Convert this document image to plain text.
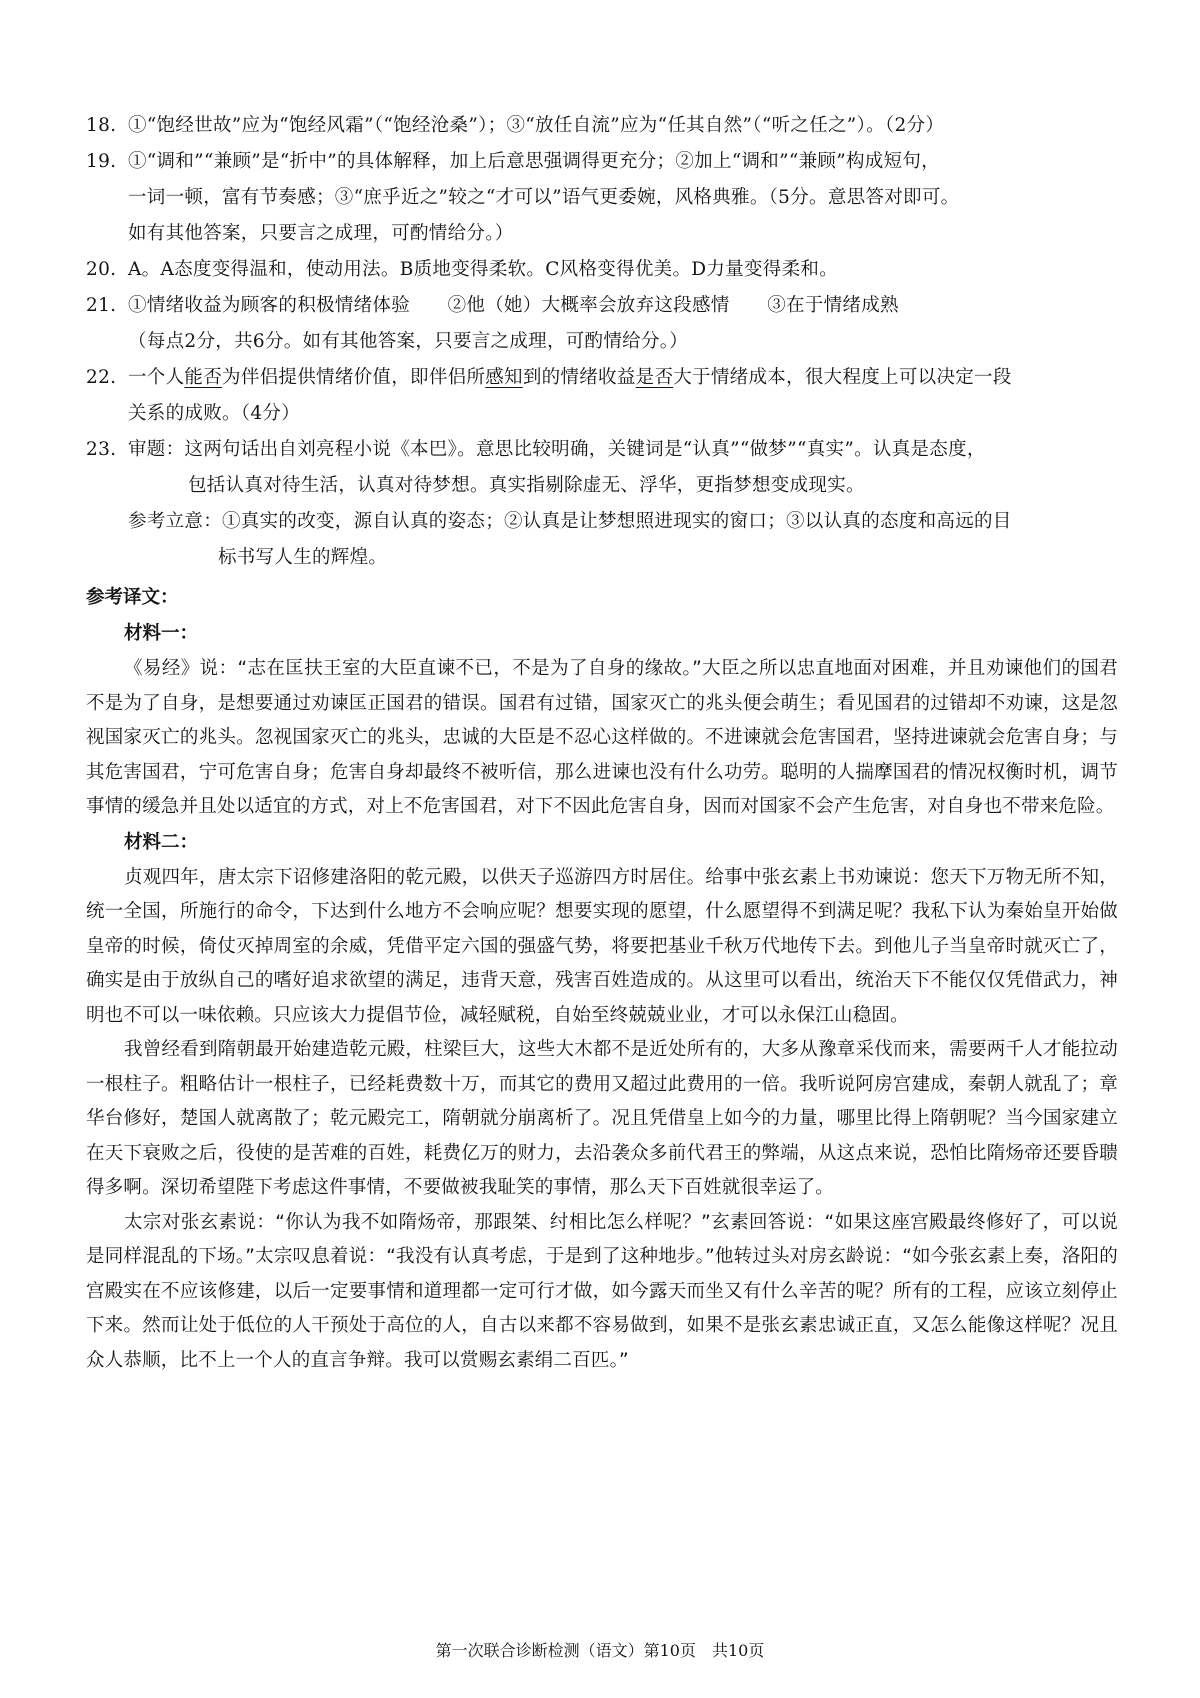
18. ①“饱经世故”应为“饱经风霜”（“饱经沧桑”）；③“放任自流”应为“任其自然”（“听之任之”）。（2分）
19. ①“调和”“兼顾”是“折中”的具体解释，加上后意思强调得更充分；②加上“调和”“兼顾”构成短句，
一词一顿，富有节奏感；③“庶乎近之”较之“才可以”语气更委婉，风格典雅。（5分。意思答对即可。
如有其他答案，只要言之成理，可酌情给分。）
20. A。A态度变得温和，使动用法。B质地变得柔软。C风格变得优美。D力量变得柔和。
21. ①情绪收益为顾客的积极情绪体验　　②他（她）大概率会放弃这段感情　　③在于情绪成熟
（每点2分，共6分。如有其他答案，只要言之成理，可酌情给分。）
22. 一个人能否为伴侣提供情绪价值，即伴侣所感知到的情绪收益是否大于情绪成本，很大程度上可以决定一段
关系的成败。（4分）
23. 审题：这两句话出自刘亮程小说《本巴》。意思比较明确，关键词是“认真”“做梦”“真实”。认真是态度，
包括认真对待生活，认真对待梦想。真实指剔除虚无、浮华，更指梦想变成现实。
参考立意：①真实的改变，源自认真的姿态；②认真是让梦想照进现实的窗口；③以认真的态度和高远的目
标书写人生的辉煌。
参考译文：
材料一：

《易经》说：“志在匡扶王室的大臣直谏不已，不是为了自身的缘故。”大臣之所以忠直地面对困难，并且劝谏他们的国君不是为了自身，是想要通过劝谏匡正国君的错误。国君有过错，国家灭亡的兆头便会萌生；看见国君的过错却不劝谏，这是忽视国家灭亡的兆头。忽视国家灭亡的兆头，忠诚的大臣是不忍心这样做的。不进谏就会危害国君，坚持进谏就会危害自身；与其危害国君，宁可危害自身；危害自身却最终不被听信，那么进谏也没有什么功劳。聪明的人揣摩国君的情况权衡时机，调节事情的缓急并且处以适宜的方式，对上不危害国君，对下不因此危害自身，因而对国家不会产生危害，对自身也不带来危险。

材料二：

贞观四年，唐太宗下诏修建洛阳的乾元殿，以供天子巡游四方时居住。给事中张玄素上书劝谏说：您天下万物无所不知，统一全国，所施行的命令，下达到什么地方不会响应呢？想要实现的愿望，什么愿望得不到满足呢？我私下认为秦始皇开始做皇帝的时候，倚仗灭掉周室的余威，凭借平定六国的强盛气势，将要把基业千秋万代地传下去。到他儿子当皇帝时就灭亡了，确实是由于放纵自己的嗜好追求欲望的满足，违背天意，残害百姓造成的。从这里可以看出，统治天下不能仅仅凭借武力，神明也不可以一味依赖。只应该大力提倡节俭，减轻赋税，自始至终兢兢业业，才可以永保江山稳固。

我曾经看到隋朝最开始建造乾元殿，柱梁巨大，这些大木都不是近处所有的，大多从豫章采伐而来，需要两千人才能拉动一根柱子。粗略估计一根柱子，已经耗费数十万，而其它的费用又超过此费用的一倍。我听说阿房宫建成，秦朝人就乱了；章华台修好，楚国人就离散了；乾元殿完工，隋朝就分崩离析了。况且凭借皇上如今的力量，哪里比得上隋朝呢？当今国家建立在天下衰败之后，役使的是苦难的百姓，耗费亿万的财力，去沿袭众多前代君王的弊端，从这点来说，恐怕比隋炀帝还要昏聩得多啊。深切希望陛下考虑这件事情，不要做被我耻笑的事情，那么天下百姓就很幸运了。

太宗对张玄素说：“你认为我不如隋炀帝，那跟桀、纣相比怎么样呢？”玄素回答说：“如果这座宫殿最终修好了，可以说是同样混乱的下场。”太宗叹息着说：“我没有认真考虑，于是到了这种地步。”他转过头对房玄龄说：“如今张玄素上奏，洛阳的宫殿实在不应该修建，以后一定要事情和道理都一定可行才做，如今露天而坐又有什么辛苦的呢？所有的工程，应该立刻停止下来。然而让处于低位的人干预处于高位的人，自古以来都不容易做到，如果不是张玄素忠诚正直，又怎么能像这样呢？况且众人恭顺，比不上一个人的直言争辩。我可以赏赐玄素绢二百匹。”

第一次联合诊断检测（语文）第10页　共10页
